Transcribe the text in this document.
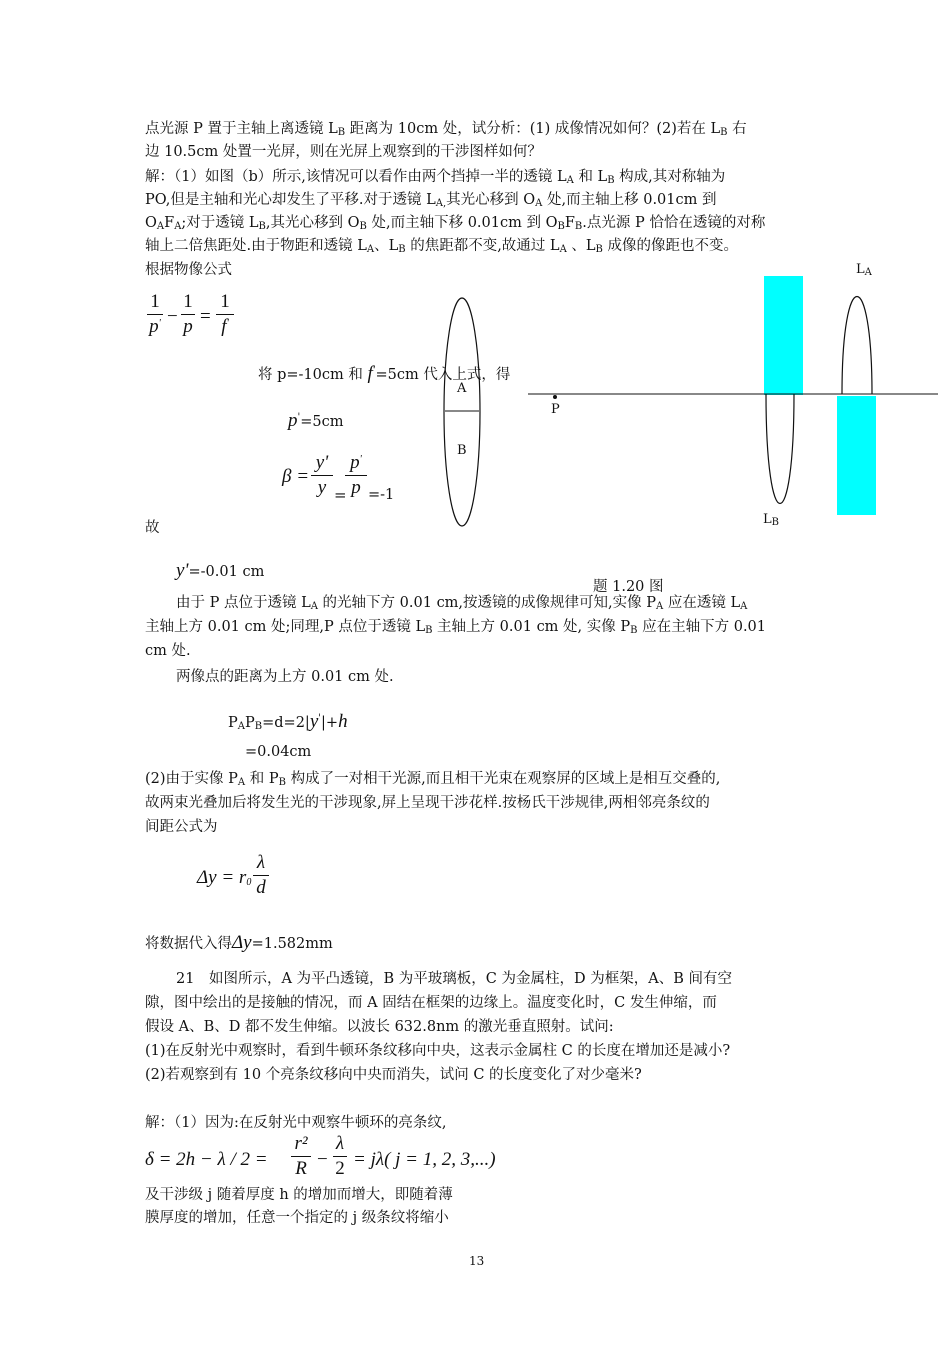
点光源 P 置于主轴上离透镜 $L_B$ 距离为 10cm 处，试分析：(1) 成像情况如何？(2)若在 $L_B$ 右
边 10.5cm 处置一光屏，则在光屏上观察到的干涉图样如何？
解：（1）如图（b）所示,该情况可以看作由两个挡掉一半的透镜 $L_A$ 和 $L_B$ 构成,其对称轴为
PO,但是主轴和光心却发生了平移.对于透镜 $L_{A,}$其光心移到 $O_A$ 处,而主轴上移 0.01cm 到
$O_AF_A$;对于透镜 $L_B$,其光心移到 $O_B$ 处,而主轴下移 0.01cm 到 $O_BF_B$.点光源 P 恰恰在透镜的对称
轴上二倍焦距处.由于物距和透镜 $L_A$、$L_B$ 的焦距都不变,故通过 $L_A$ 、$L_B$ 成像的像距也不变。
根据物像公式
1
p' −
1
p =
1
f'
将 p=-10cm 和 f'=5cm 代入上式，得
p'=5cm
β =
y'
y =
p'
p =-1
故
y'=-0.01 cm
A
B
P
$L_A$
$L_B$
题 1.20 图
由于 P 点位于透镜 $L_A$ 的光轴下方 0.01 cm,按透镜的成像规律可知,实像 $P_A$ 应在透镜 $L_A$
主轴上方 0.01 cm 处;同理,P 点位于透镜 $L_B$ 主轴上方 0.01 cm 处, 实像 $P_B$ 应在主轴下方 0.01
cm 处.
两像点的距离为上方 0.01 cm 处.
$P_AP_B=d=2|y'|+h$
=0.04cm
(2)由于实像 $P_A$ 和 $P_B$ 构成了一对相干光源,而且相干光束在观察屏的区域上是相互交叠的,
故两束光叠加后将发生光的干涉现象,屏上呈现干涉花样.按杨氏干涉规律,两相邻亮条纹的
间距公式为
$\Delta y = r_0$
λ
d
将数据代入得Δy=1.582mm
21　如图所示，A 为平凸透镜，B 为平玻璃板，C 为金属柱，D 为框架，A、B 间有空
隙，图中绘出的是接触的情况，而 A 固结在框架的边缘上。温度变化时，C 发生伸缩，而
假设 A、B、D 都不发生伸缩。以波长 632.8nm 的激光垂直照射。试问:
(1)在反射光中观察时，看到牛顿环条纹移向中央，这表示金属柱 C 的长度在增加还是减小?
(2)若观察到有 10 个亮条纹移向中央而消失，试问 C 的长度变化了对少毫米?
解：（1）因为:在反射光中观察牛顿环的亮条纹,
δ = 2h − λ / 2 =
r²
R −
λ
2 = jλ( j = 1, 2, 3,...)
及干涉级 j 随着厚度 h 的增加而增大，即随着薄
膜厚度的增加，任意一个指定的 j 级条纹将缩小
13
